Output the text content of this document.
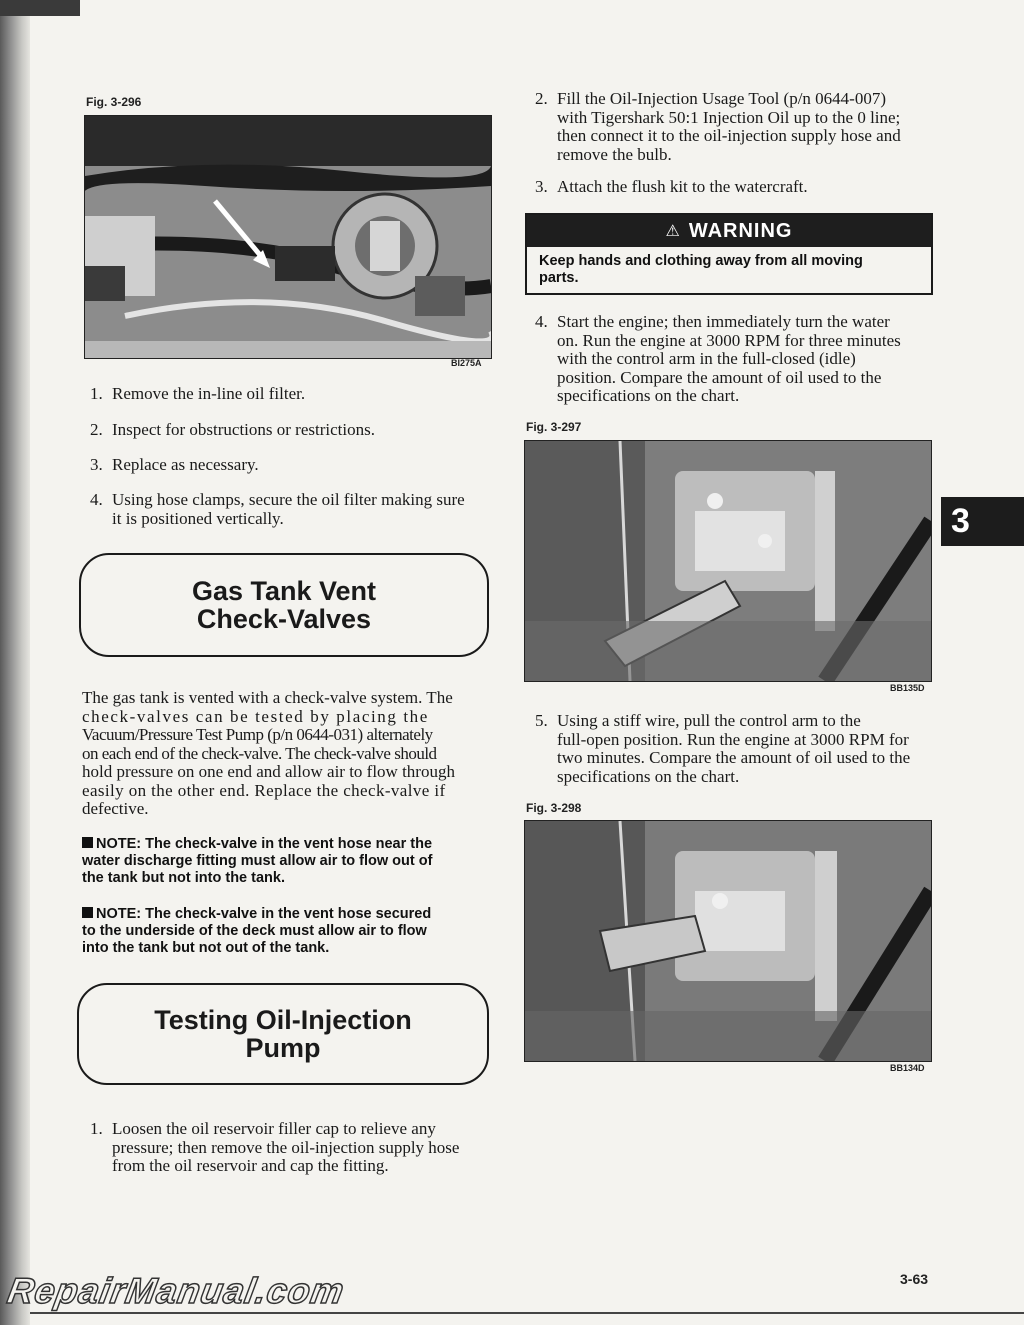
Fig. 3-296
BI275A
1. Remove the in-line oil filter.
2. Inspect for obstructions or restrictions.
3. Replace as necessary.
4. Using hose clamps, secure the oil filter making sure
it is positioned vertically.
Gas Tank Vent
Check-Valves
The gas tank is vented with a check-valve system. The
check-valves can be tested by placing the
Vacuum/Pressure Test Pump (p/n 0644-031) alternately
on each end of the check-valve. The check-valve should
hold pressure on one end and allow air to flow through
easily on the other end. Replace the check-valve if
defective.
NOTE: The check-valve in the vent hose near the
water discharge fitting must allow air to flow out of
the tank but not into the tank.
NOTE: The check-valve in the vent hose secured
to the underside of the deck must allow air to flow
into the tank but not out of the tank.
Testing Oil-Injection
Pump
1. Loosen the oil reservoir filler cap to relieve any
pressure; then remove the oil-injection supply hose
from the oil reservoir and cap the fitting.
2. Fill the Oil-Injection Usage Tool (p/n 0644-007)
with Tigershark 50:1 Injection Oil up to the 0 line;
then connect it to the oil-injection supply hose and
remove the bulb.
3. Attach the flush kit to the watercraft.
⚠ WARNING
Keep hands and clothing away from all moving
parts.
4. Start the engine; then immediately turn the water
on. Run the engine at 3000 RPM for three minutes
with the control arm in the full-closed (idle)
position. Compare the amount of oil used to the
specifications on the chart.
Fig. 3-297
BB135D
5. Using a stiff wire, pull the control arm to the
full-open position. Run the engine at 3000 RPM for
two minutes. Compare the amount of oil used to the
specifications on the chart.
Fig. 3-298
BB134D
3
3-63
RepairManual.com
